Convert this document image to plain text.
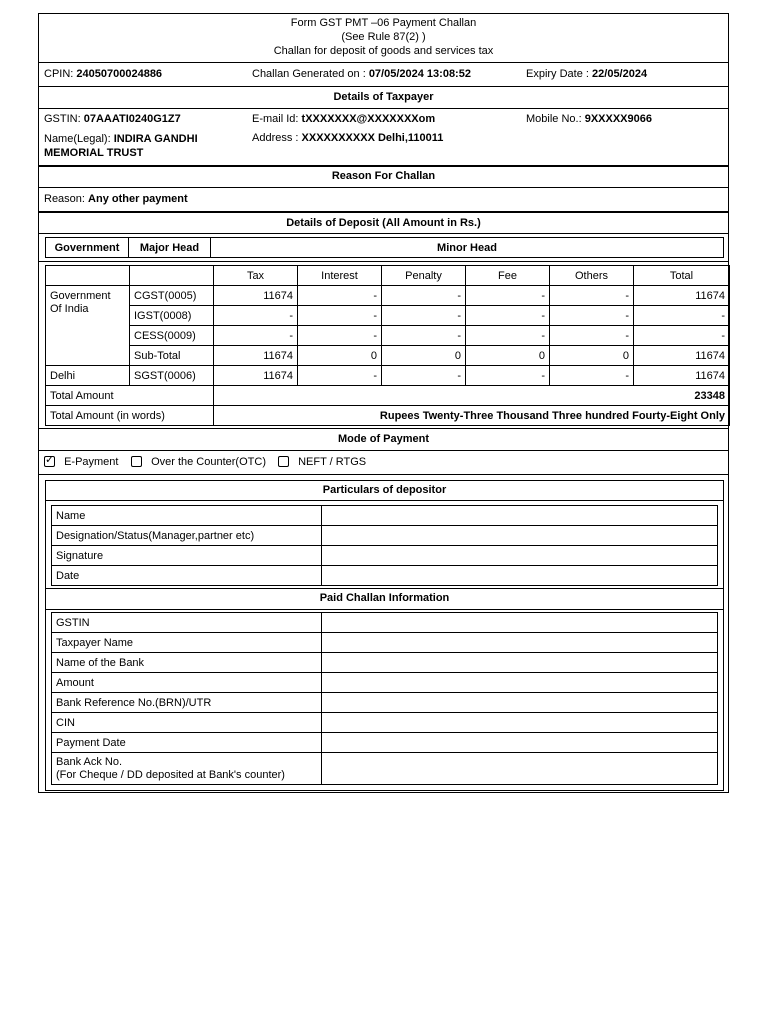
Form GST PMT –06 Payment Challan
(See Rule 87(2) )
Challan for deposit of goods and services tax
CPIN: 24050700024886	Challan Generated on : 07/05/2024 13:08:52	Expiry Date : 22/05/2024
Details of Taxpayer
GSTIN: 07AAATI0240G1Z7	E-mail Id: tXXXXXXX@XXXXXXXom	Mobile No.: 9XXXXX9066
Name(Legal): INDIRA GANDHI
MEMORIAL TRUST
Address : XXXXXXXXXX Delhi,110011
Reason For Challan
Reason: Any other payment
Details of Deposit (All Amount in Rs.)
Government	Major Head	Minor Head
		Tax	Interest	Penalty	Fee	Others	Total
Government Of India	CGST(0005)	11674	-	-	-	-	11674
	IGST(0008)	-	-	-	-	-	-
	CESS(0009)	-	-	-	-	-	-
	Sub-Total	11674	0	0	0	0	11674
Delhi	SGST(0006)	11674	-	-	-	-	11674
Total Amount		23348					
Total Amount (in words)		Rupees Twenty-Three Thousand Three hundred Fourty-Eight Only					
Mode of Payment
✓ E-Payment	Over the Counter(OTC)	NEFT / RTGS
Particulars of depositor
Name	
Designation/Status(Manager,partner etc)	
Signature	
Date	
Paid Challan Information
GSTIN	
Taxpayer Name	
Name of the Bank	
Amount	
Bank Reference No.(BRN)/UTR	
CIN	
Payment Date	
Bank Ack No.
(For Cheque / DD deposited at Bank's counter)	
